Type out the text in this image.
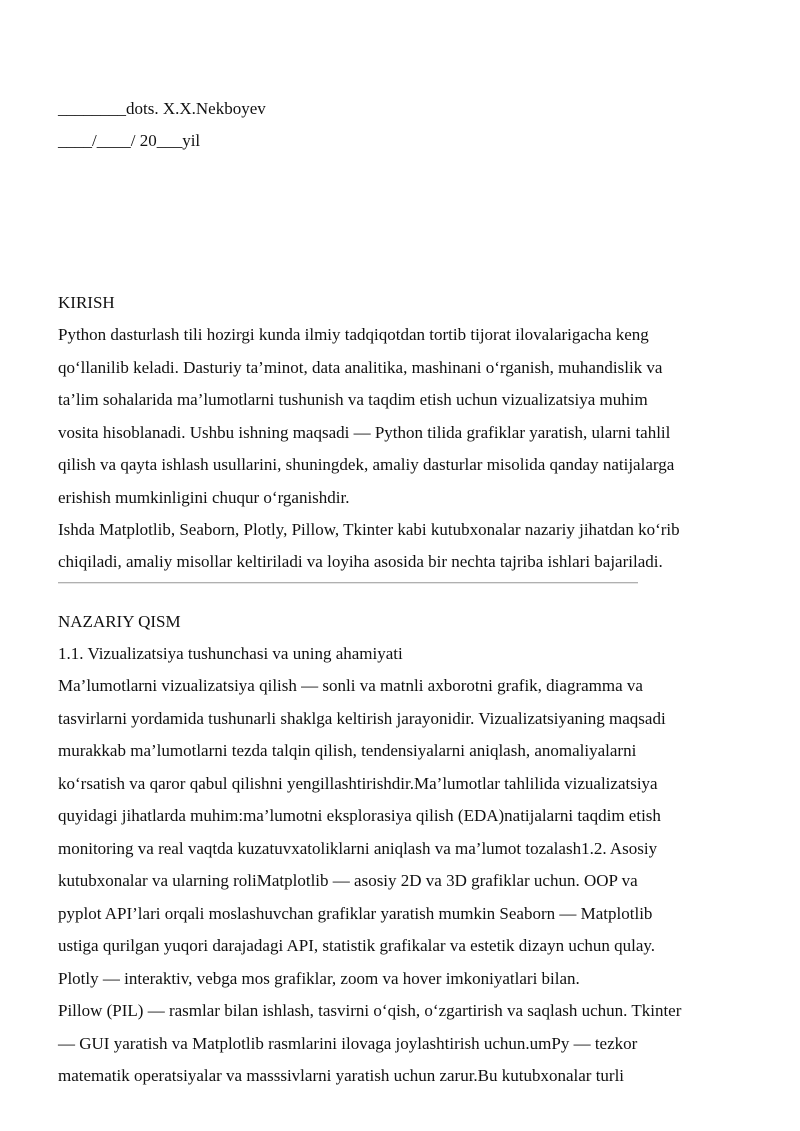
________dots. X.X.Nekboyev
____/____/ 20___yil
KIRISH
Python dasturlash tili hozirgi kunda ilmiy tadqiqotdan tortib tijorat ilovalarigacha keng
qo‘llanilib keladi. Dasturiy ta’minot, data analitika, mashinani o‘rganish, muhandislik va
ta’lim sohalarida ma’lumotlarni tushunish va taqdim etish uchun vizualizatsiya muhim
vosita hisoblanadi. Ushbu ishning maqsadi — Python tilida grafiklar yaratish, ularni tahlil
qilish va qayta ishlash usullarini, shuningdek, amaliy dasturlar misolida qanday natijalarga
erishish mumkinligini chuqur o‘rganishdir.
Ishda Matplotlib, Seaborn, Plotly, Pillow, Tkinter kabi kutubxonalar nazariy jihatdan ko‘rib
chiqiladi, amaliy misollar keltiriladi va loyiha asosida bir nechta tajriba ishlari bajariladi.
NAZARIY QISM
1.1. Vizualizatsiya tushunchasi va uning ahamiyati
Ma’lumotlarni vizualizatsiya qilish — sonli va matnli axborotni grafik, diagramma va
tasvirlarni yordamida tushunarli shaklga keltirish jarayonidir. Vizualizatsiyaning maqsadi
murakkab ma’lumotlarni tezda talqin qilish, tendensiyalarni aniqlash, anomaliyalarni
ko‘rsatish va qaror qabul qilishni yengillashtirishdir.Ma’lumotlar tahlilida vizualizatsiya
quyidagi jihatlarda muhim:ma’lumotni eksplorasiya qilish (EDA)natijalarni taqdim etish
monitoring va real vaqtda kuzatuvxatoliklarni aniqlash va ma’lumot tozalash1.2. Asosiy
kutubxonalar va ularning roliMatplotlib — asosiy 2D va 3D grafiklar uchun. OOP va
pyplot API’lari orqali moslashuvchan grafiklar yaratish mumkin Seaborn — Matplotlib
ustiga qurilgan yuqori darajadagi API, statistik grafikalar va estetik dizayn uchun qulay.
Plotly — interaktiv, vebga mos grafiklar, zoom va hover imkoniyatlari bilan.
Pillow (PIL) — rasmlar bilan ishlash, tasvirni o‘qish, o‘zgartirish va saqlash uchun. Tkinter
— GUI yaratish va Matplotlib rasmlarini ilovaga joylashtirish uchun.umPy — tezkor
matematik operatsiyalar va masssivlarni yaratish uchun zarur.Bu kutubxonalar turli
